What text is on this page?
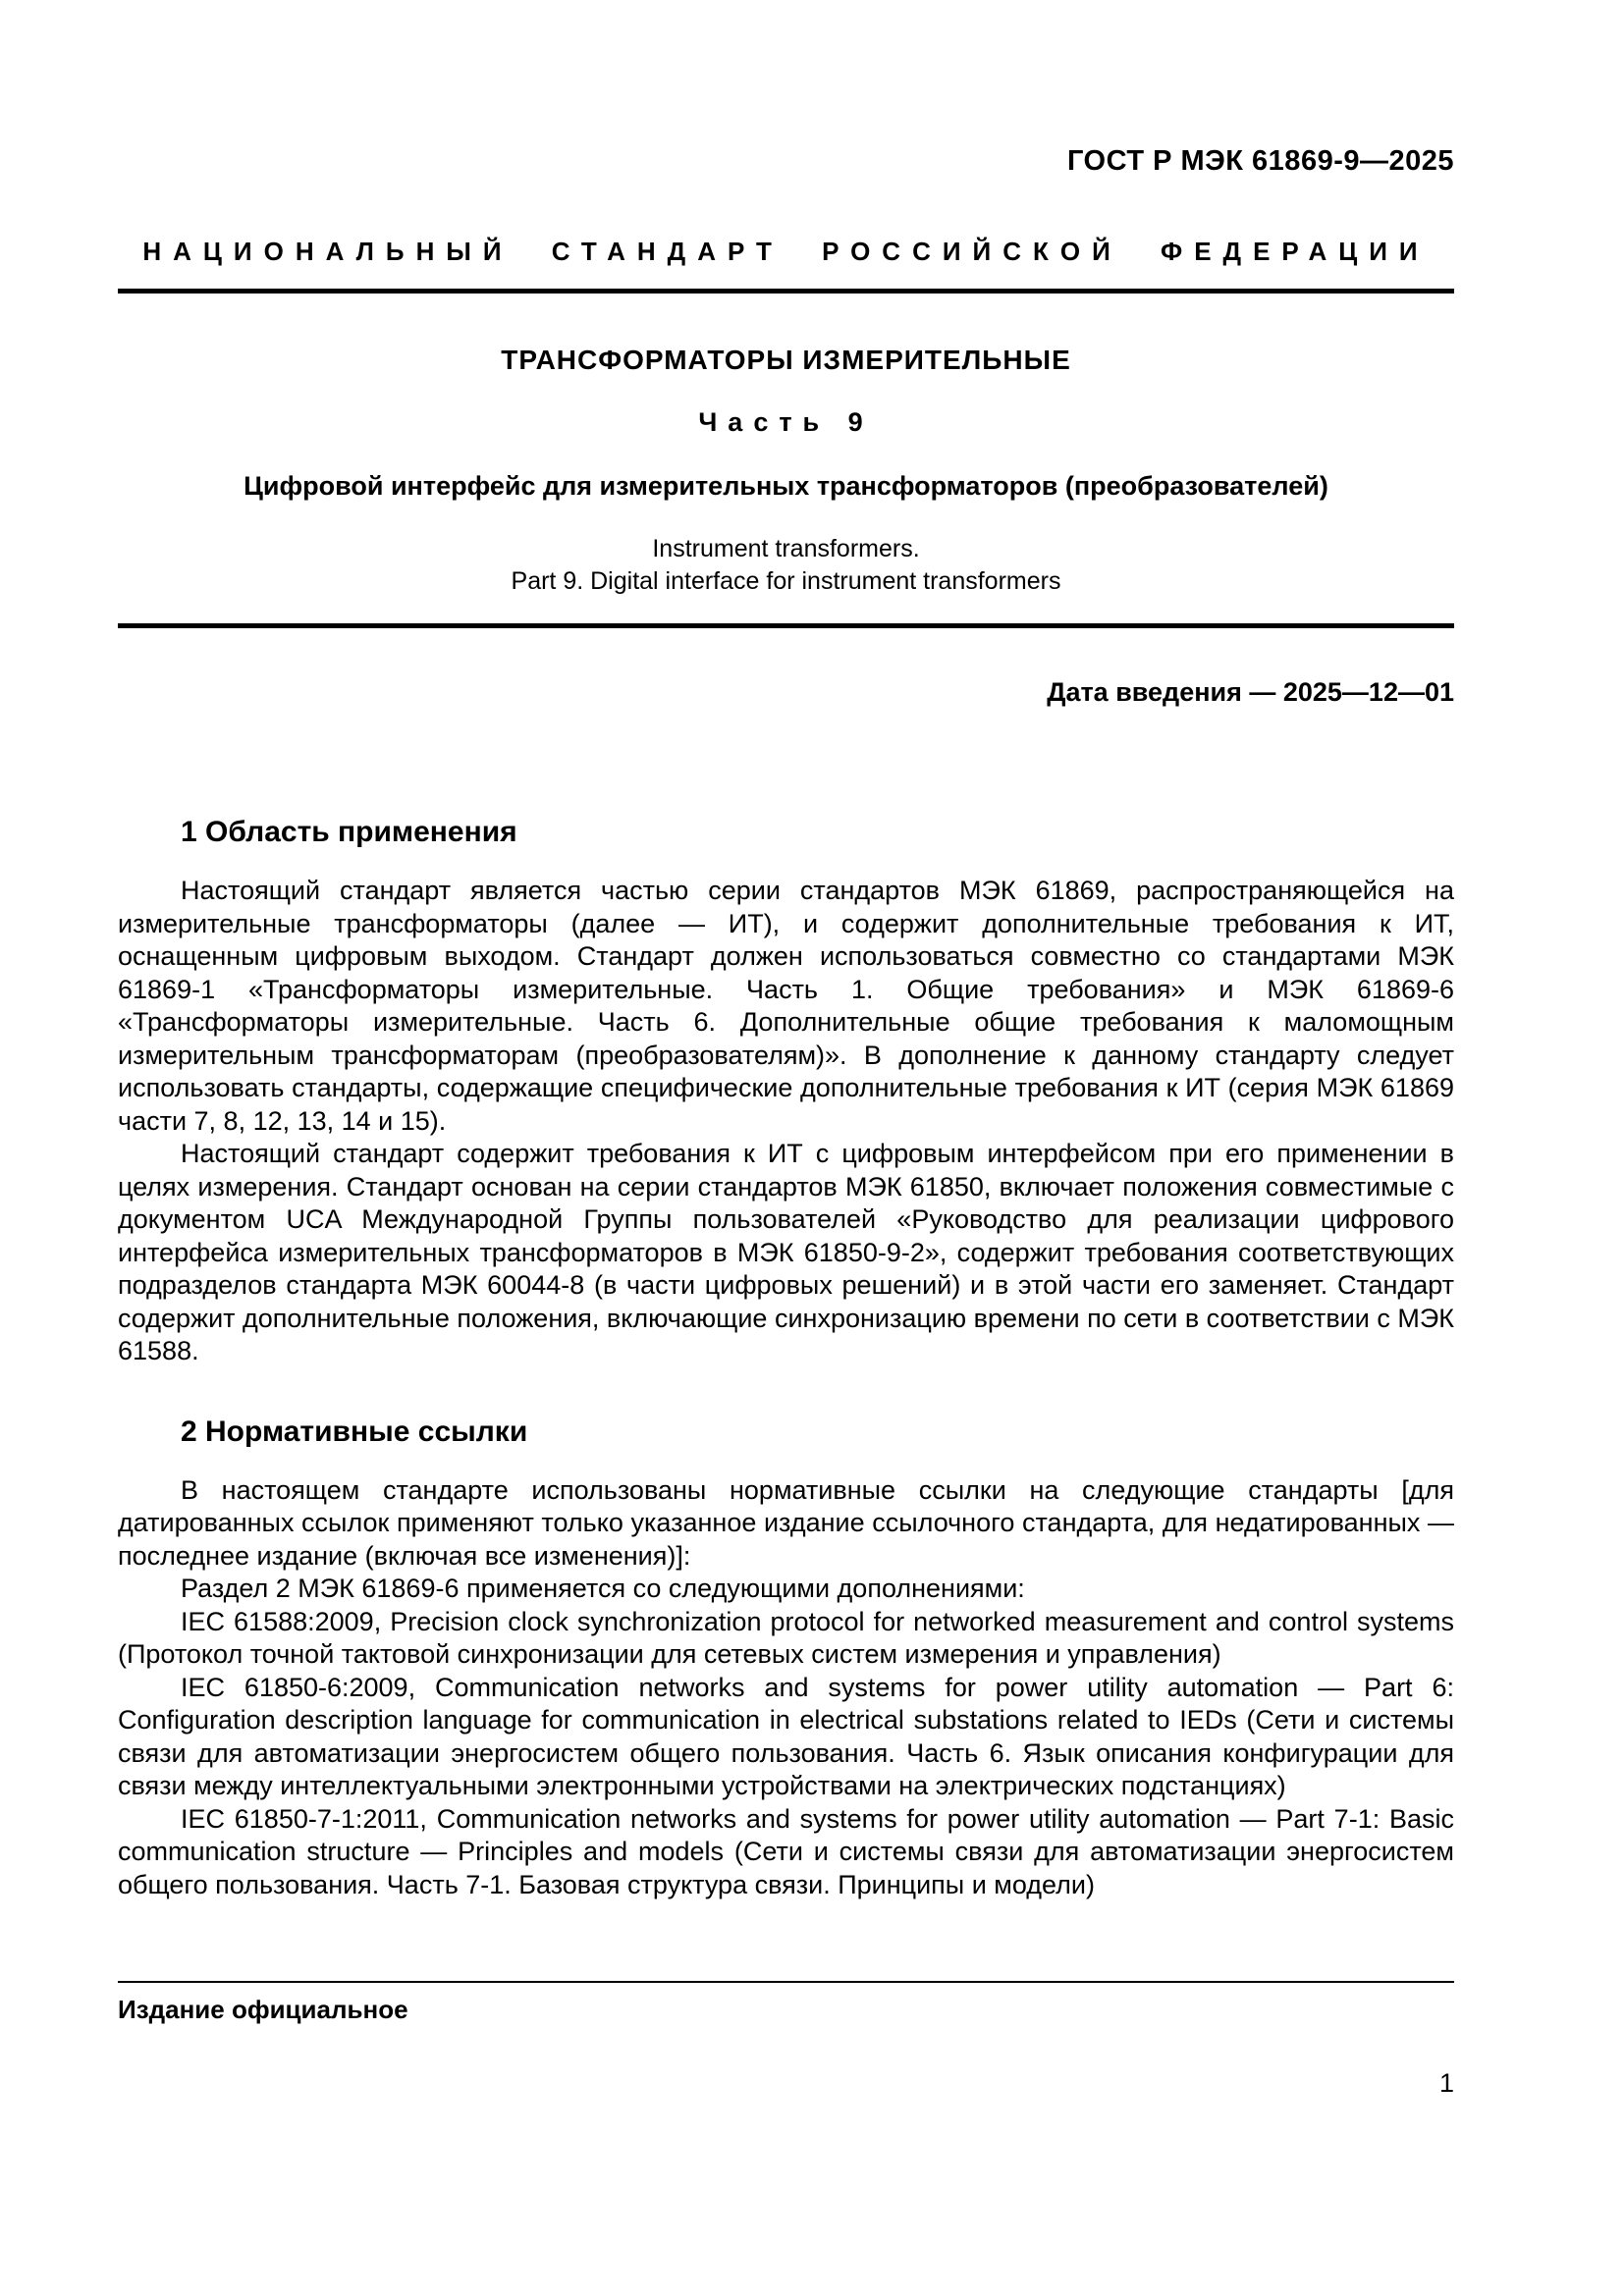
ГОСТ Р МЭК 61869-9—2025
НАЦИОНАЛЬНЫЙ СТАНДАРТ РОССИЙСКОЙ ФЕДЕРАЦИИ
ТРАНСФОРМАТОРЫ ИЗМЕРИТЕЛЬНЫЕ
Часть 9
Цифровой интерфейс для измерительных трансформаторов (преобразователей)
Instrument transformers.
Part 9. Digital interface for instrument transformers
Дата введения — 2025—12—01
1 Область применения

Настоящий стандарт является частью серии стандартов МЭК 61869, распространяющейся на измерительные трансформаторы (далее — ИТ), и содержит дополнительные требования к ИТ, оснащенным цифровым выходом. Стандарт должен использоваться совместно со стандартами МЭК 61869-1 «Трансформаторы измерительные. Часть 1. Общие требования» и МЭК 61869-6 «Трансформаторы измерительные. Часть 6. Дополнительные общие требования к маломощным измерительным трансформаторам (преобразователям)». В дополнение к данному стандарту следует использовать стандарты, содержащие специфические дополнительные требования к ИТ (серия МЭК 61869 части 7, 8, 12, 13, 14 и 15).

Настоящий стандарт содержит требования к ИТ с цифровым интерфейсом при его применении в целях измерения. Стандарт основан на серии стандартов МЭК 61850, включает положения совместимые с документом UCA Международной Группы пользователей «Руководство для реализации цифрового интерфейса измерительных трансформаторов в МЭК 61850-9-2», содержит требования соответствующих подразделов стандарта МЭК 60044-8 (в части цифровых решений) и в этой части его заменяет. Стандарт содержит дополнительные положения, включающие синхронизацию времени по сети в соответствии с МЭК 61588.

2 Нормативные ссылки

В настоящем стандарте использованы нормативные ссылки на следующие стандарты [для датированных ссылок применяют только указанное издание ссылочного стандарта, для недатированных — последнее издание (включая все изменения)]:

Раздел 2 МЭК 61869-6 применяется со следующими дополнениями:

IEC 61588:2009, Precision clock synchronization protocol for networked measurement and control systems (Протокол точной тактовой синхронизации для сетевых систем измерения и управления)

IEC 61850-6:2009, Communication networks and systems for power utility automation — Part 6: Configuration description language for communication in electrical substations related to IEDs (Сети и системы связи для автоматизации энергосистем общего пользования. Часть 6. Язык описания конфигурации для связи между интеллектуальными электронными устройствами на электрических подстанциях)

IEC 61850-7-1:2011, Communication networks and systems for power utility automation — Part 7-1: Basic communication structure — Principles and models (Сети и системы связи для автоматизации энергосистем общего пользования. Часть 7-1. Базовая структура связи. Принципы и модели)

Издание официальное
1
